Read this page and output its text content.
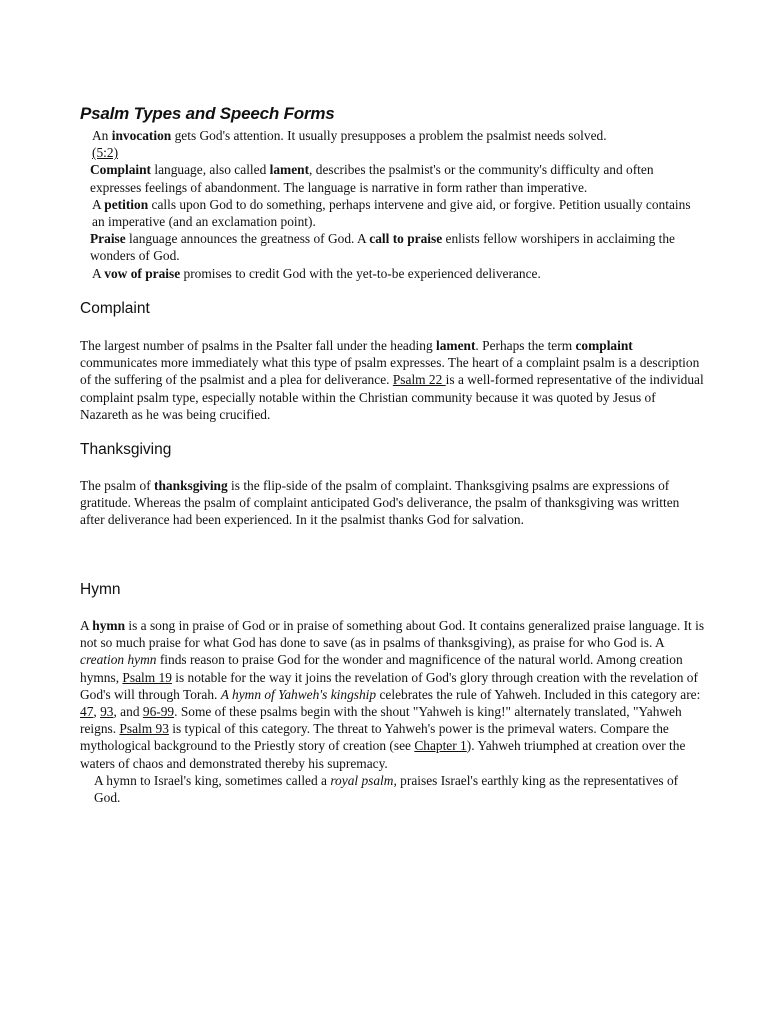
Psalm Types and Speech Forms

An invocation gets God's attention. It usually presupposes a problem the psalmist needs solved.
(5:2)

Complaint language, also called lament, describes the psalmist's or the community's difficulty and often expresses feelings of abandonment. The language is narrative in form rather than imperative.

A petition calls upon God to do something, perhaps intervene and give aid, or forgive. Petition usually contains an imperative (and an exclamation point).

Praise language announces the greatness of God. A call to praise enlists fellow worshipers in acclaiming the wonders of God.

A vow of praise promises to credit God with the yet-to-be experienced deliverance.

Complaint

The largest number of psalms in the Psalter fall under the heading lament. Perhaps the term complaint communicates more immediately what this type of psalm expresses. The heart of a complaint psalm is a description of the suffering of the psalmist and a plea for deliverance. Psalm 22 is a well-formed representative of the individual complaint psalm type, especially notable within the Christian community because it was quoted by Jesus of Nazareth as he was being crucified.

Thanksgiving

The psalm of thanksgiving is the flip-side of the psalm of complaint. Thanksgiving psalms are expressions of gratitude. Whereas the psalm of complaint anticipated God's deliverance, the psalm of thanksgiving was written after deliverance had been experienced. In it the psalmist thanks God for salvation.

Hymn

A hymn is a song in praise of God or in praise of something about God. It contains generalized praise language. It is not so much praise for what God has done to save (as in psalms of thanksgiving), as praise for who God is. A creation hymn finds reason to praise God for the wonder and magnificence of the natural world. Among creation hymns, Psalm 19 is notable for the way it joins the revelation of God's glory through creation with the revelation of God's will through Torah. A hymn of Yahweh's kingship celebrates the rule of Yahweh. Included in this category are: 47, 93, and 96-99. Some of these psalms begin with the shout "Yahweh is king!" alternately translated, "Yahweh reigns. Psalm 93 is typical of this category. The threat to Yahweh's power is the primeval waters. Compare the mythological background to the Priestly story of creation (see Chapter 1). Yahweh triumphed at creation over the waters of chaos and demonstrated thereby his supremacy.

A hymn to Israel's king, sometimes called a royal psalm, praises Israel's earthly king as the representatives of God.
